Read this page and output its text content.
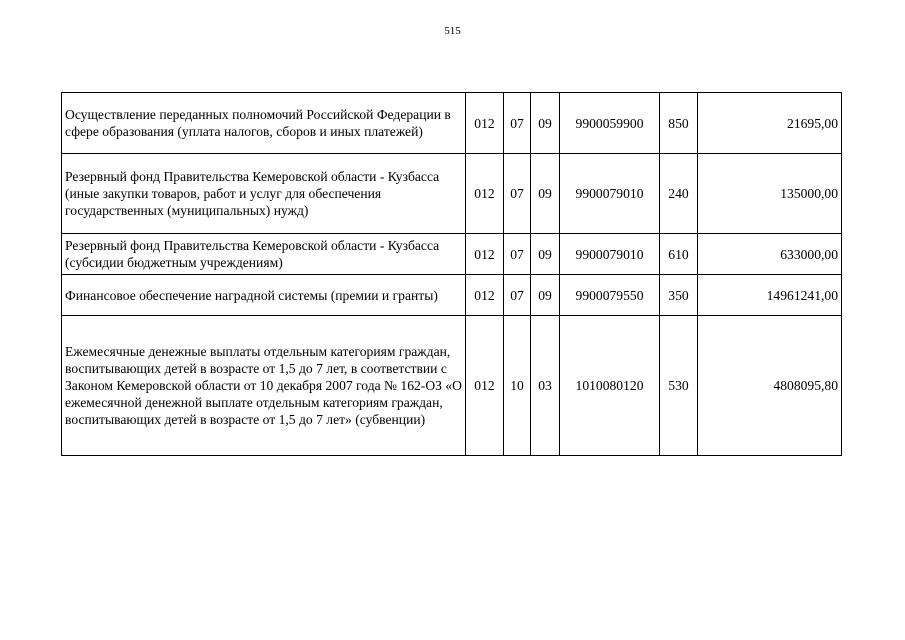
515
Осуществление переданных полномочий Российской Федерации в сфере образования (уплата налогов, сборов и иных платежей)	012	07	09	9900059900	850	21695,00
Резервный фонд Правительства Кемеровской области - Кузбасса (иные закупки товаров, работ и услуг для обеспечения государственных (муниципальных) нужд)	012	07	09	9900079010	240	135000,00
Резервный фонд Правительства Кемеровской области - Кузбасса (субсидии бюджетным учреждениям)	012	07	09	9900079010	610	633000,00
Финансовое обеспечение наградной системы (премии и гранты)	012	07	09	9900079550	350	14961241,00
Ежемесячные денежные выплаты отдельным категориям граждан, воспитывающих детей в возрасте от 1,5 до 7 лет, в соответствии с Законом Кемеровской области от 10 декабря 2007 года № 162-ОЗ «О ежемесячной денежной выплате отдельным категориям граждан, воспитывающих детей в возрасте от 1,5 до 7 лет» (субвенции)	012	10	03	1010080120	530	4808095,80
